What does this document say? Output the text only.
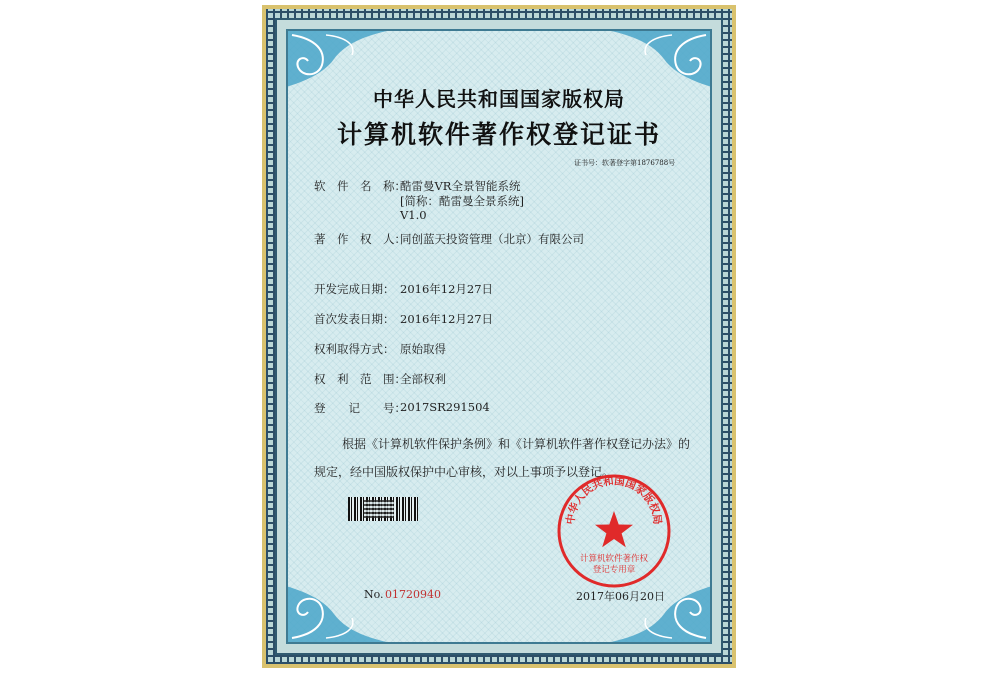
中华人民共和国国家版权局
计算机软件著作权登记证书
证书号：软著登字第1876788号
软　件　名　称：
酷雷曼VR全景智能系统
[简称：酷雷曼全景系统]
V1.0
著　作　权　人：
同创蓝天投资管理（北京）有限公司
开发完成日期： 2016年12月27日
首次发表日期： 2016年12月27日
权利取得方式： 原始取得
权　利　范　围：
全部权利
登　　记　　号：
2017SR291504
根据《计算机软件保护条例》和《计算机软件著作权登记办法》的
规定，经中国版权保护中心审核，对以上事项予以登记。
No. 01720940	2017年06月20日
中华人民共和国国家版权局
计算机软件著作权
登记专用章
